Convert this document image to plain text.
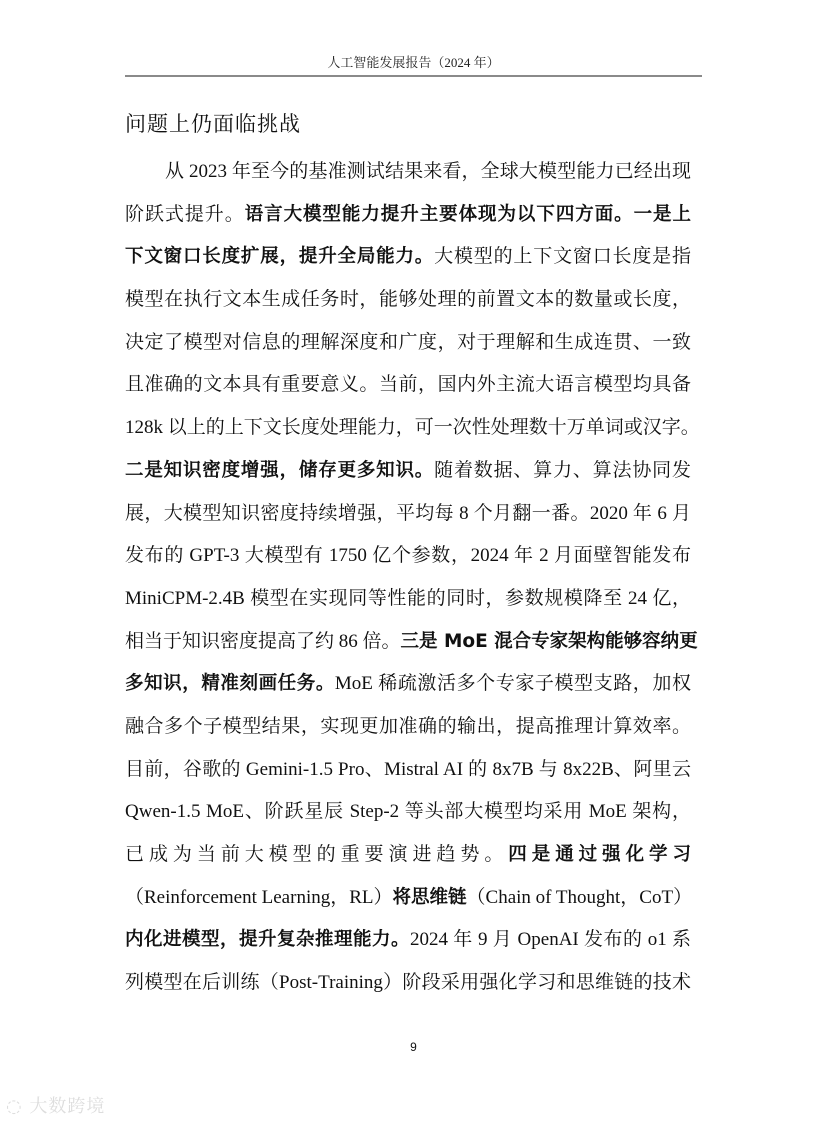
人工智能发展报告（2024 年）
问题上仍面临挑战
从 2023 年至今的基准测试结果来看，全球大模型能力已经出现
阶跃式提升。语言大模型能力提升主要体现为以下四方面。一是上
下文窗口长度扩展，提升全局能力。大模型的上下文窗口长度是指
模型在执行文本生成任务时，能够处理的前置文本的数量或长度，
决定了模型对信息的理解深度和广度，对于理解和生成连贯、一致
且准确的文本具有重要意义。当前，国内外主流大语言模型均具备
128k 以上的上下文长度处理能力，可一次性处理数十万单词或汉字。
二是知识密度增强，储存更多知识。随着数据、算力、算法协同发
展，大模型知识密度持续增强，平均每 8 个月翻一番。2020 年 6 月
发布的 GPT-3 大模型有 1750 亿个参数，2024 年 2 月面壁智能发布
MiniCPM-2.4B 模型在实现同等性能的同时，参数规模降至 24 亿，
相当于知识密度提高了约 86 倍。三是 MoE 混合专家架构能够容纳更
多知识，精准刻画任务。MoE 稀疏激活多个专家子模型支路，加权
融合多个子模型结果，实现更加准确的输出，提高推理计算效率。
目前，谷歌的 Gemini-1.5 Pro、Mistral AI 的 8x7B 与 8x22B、阿里云
Qwen-1.5 MoE、阶跃星辰 Step-2 等头部大模型均采用 MoE 架构，
已成为当前大模型的重要演进趋势。四是通过强化学习
（Reinforcement Learning，RL）将思维链（Chain of Thought，CoT）
内化进模型，提升复杂推理能力。2024 年 9 月 OpenAI 发布的 o1 系
列模型在后训练（Post-Training）阶段采用强化学习和思维链的技术
9
◌ 大数跨境
